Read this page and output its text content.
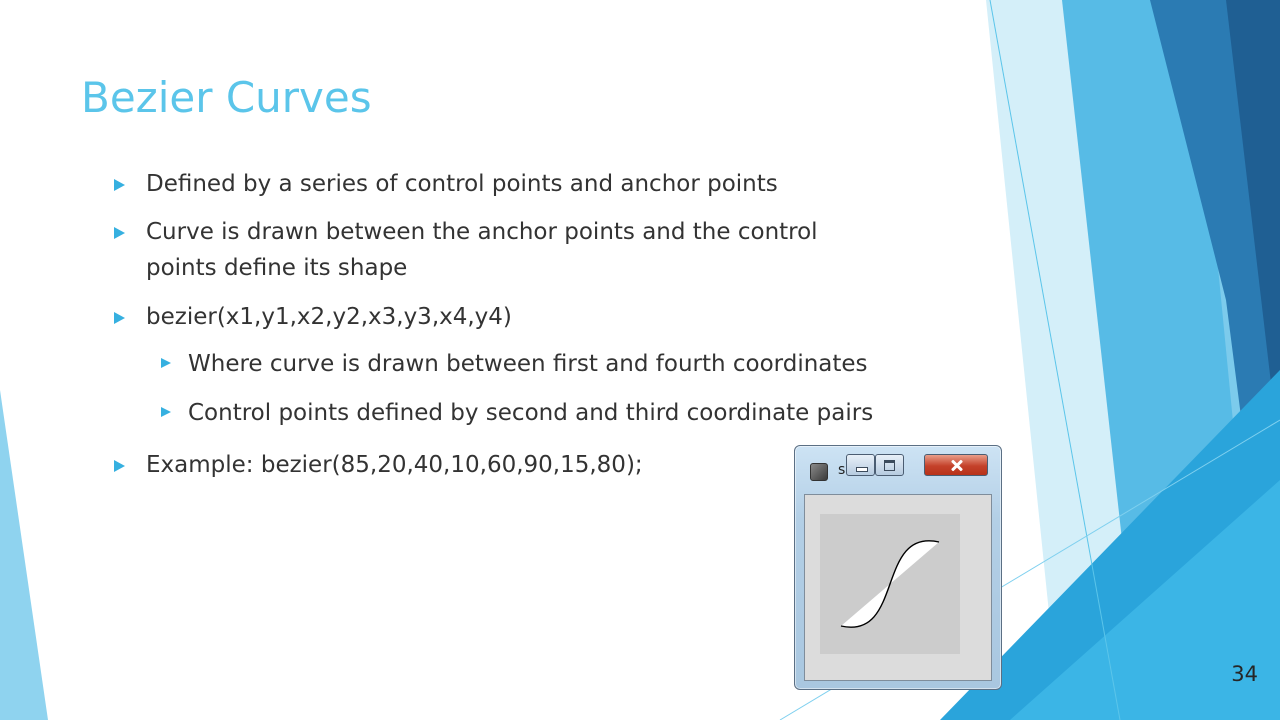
Bezier Curves
Defined by a series of control points and anchor points
Curve is drawn between the anchor points and the control
points define its shape
bezier(x1,y1,x2,y2,x3,y3,x4,y4)
Where curve is drawn between first and fourth coordinates
Control points defined by second and third coordinate pairs
Example: bezier(85,20,40,10,60,90,15,80);	s
34
